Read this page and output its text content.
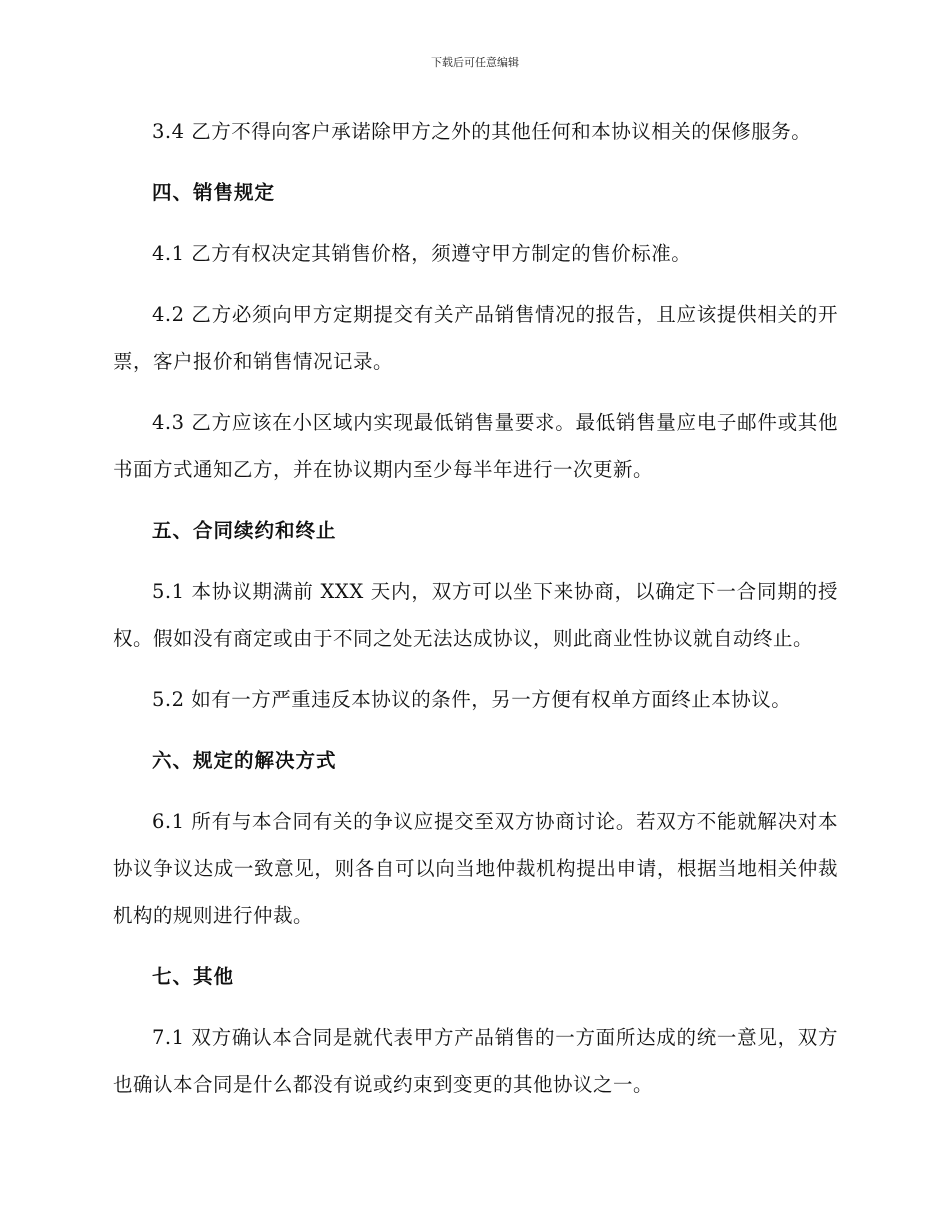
下载后可任意编辑

3.4 乙方不得向客户承诺除甲方之外的其他任何和本协议相关的保修服务。

四、销售规定

4.1 乙方有权决定其销售价格，须遵守甲方制定的售价标准。

4.2 乙方必须向甲方定期提交有关产品销售情况的报告，且应该提供相关的开票，客户报价和销售情况记录。

4.3 乙方应该在小区域内实现最低销售量要求。最低销售量应电子邮件或其他书面方式通知乙方，并在协议期内至少每半年进行一次更新。

五、合同续约和终止

5.1 本协议期满前 XXX 天内，双方可以坐下来协商，以确定下一合同期的授权。假如没有商定或由于不同之处无法达成协议，则此商业性协议就自动终止。

5.2 如有一方严重违反本协议的条件，另一方便有权单方面终止本协议。

六、规定的解决方式

6.1 所有与本合同有关的争议应提交至双方协商讨论。若双方不能就解决对本协议争议达成一致意见，则各自可以向当地仲裁机构提出申请，根据当地相关仲裁机构的规则进行仲裁。

七、其他

7.1 双方确认本合同是就代表甲方产品销售的一方面所达成的统一意见，双方也确认本合同是什么都没有说或约束到变更的其他协议之一。
